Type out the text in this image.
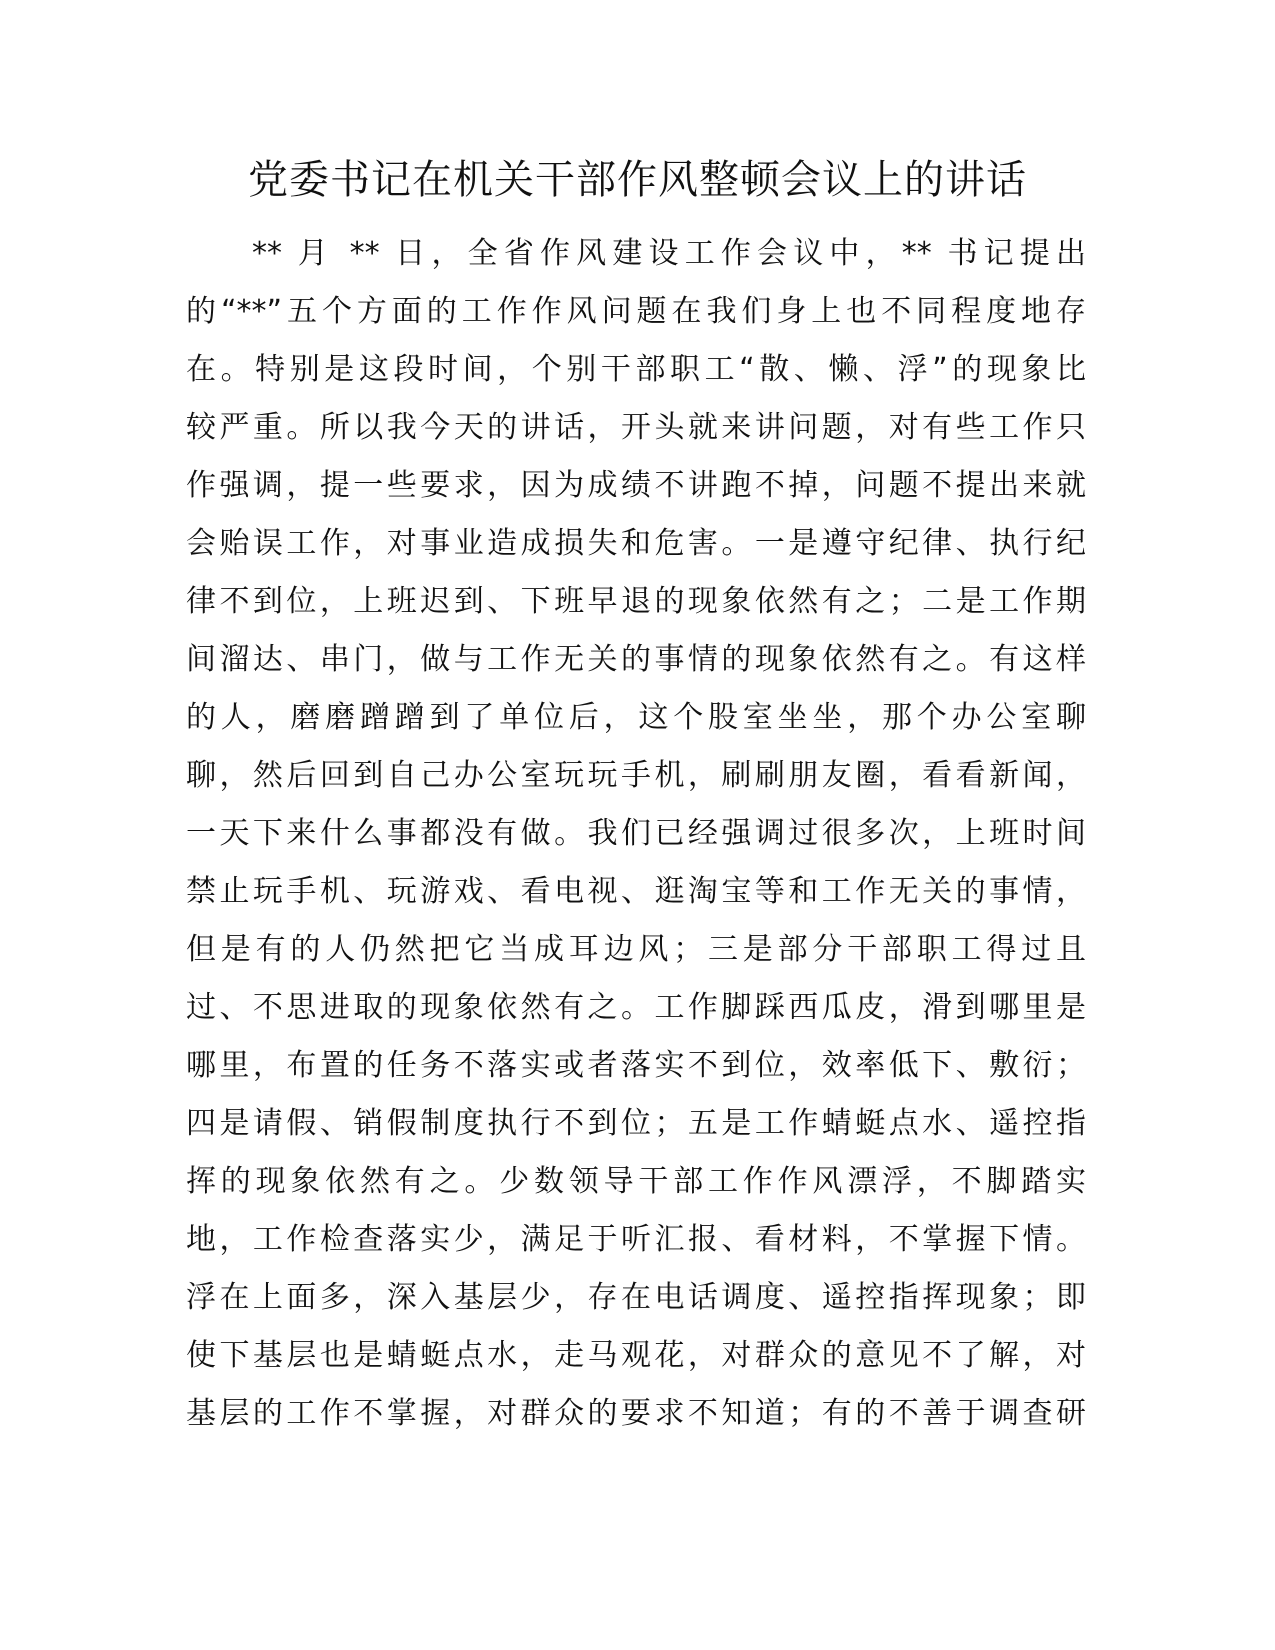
党委书记在机关干部作风整顿会议上的讲话
** 月 ** 日，全省作风建设工作会议中，** 书记提出
的“**”五个方面的工作作风问题在我们身上也不同程度地存
在。特别是这段时间，个别干部职工“散、懒、浮”的现象比
较严重。所以我今天的讲话，开头就来讲问题，对有些工作只
作强调，提一些要求，因为成绩不讲跑不掉，问题不提出来就
会贻误工作，对事业造成损失和危害。一是遵守纪律、执行纪
律不到位，上班迟到、下班早退的现象依然有之；二是工作期
间溜达、串门，做与工作无关的事情的现象依然有之。有这样
的人，磨磨蹭蹭到了单位后，这个股室坐坐，那个办公室聊
聊，然后回到自己办公室玩玩手机，刷刷朋友圈，看看新闻，
一天下来什么事都没有做。我们已经强调过很多次，上班时间
禁止玩手机、玩游戏、看电视、逛淘宝等和工作无关的事情，
但是有的人仍然把它当成耳边风；三是部分干部职工得过且
过、不思进取的现象依然有之。工作脚踩西瓜皮，滑到哪里是
哪里，布置的任务不落实或者落实不到位，效率低下、敷衍；
四是请假、销假制度执行不到位；五是工作蜻蜓点水、遥控指
挥的现象依然有之。少数领导干部工作作风漂浮，不脚踏实
地，工作检查落实少，满足于听汇报、看材料，不掌握下情。
浮在上面多，深入基层少，存在电话调度、遥控指挥现象；即
使下基层也是蜻蜓点水，走马观花，对群众的意见不了解，对
基层的工作不掌握，对群众的要求不知道；有的不善于调查研
